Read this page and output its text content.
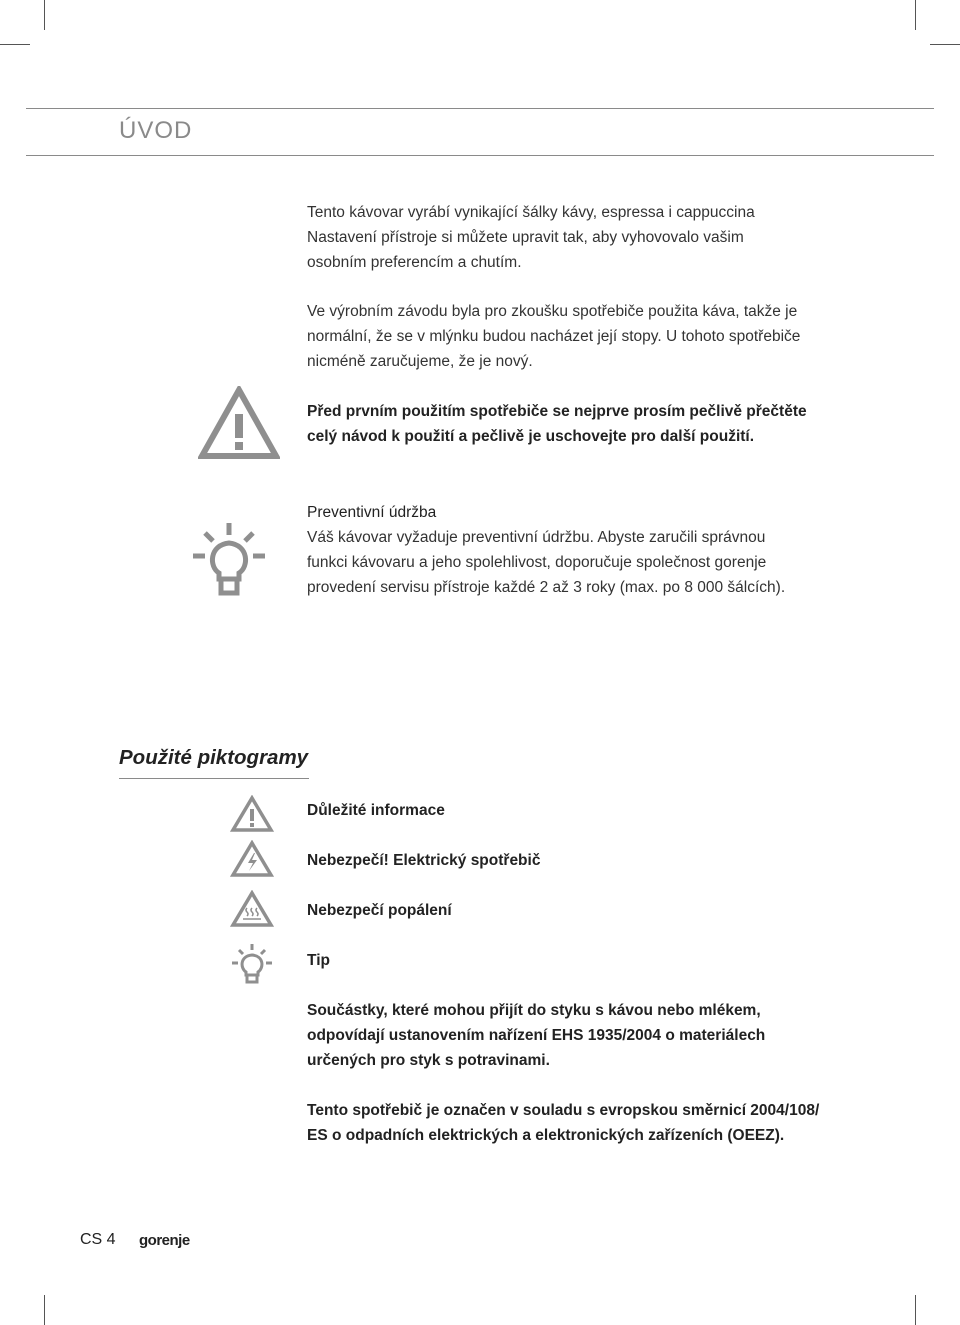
ÚVOD
Tento kávovar vyrábí vynikající šálky kávy, espressa i cappuccina
Nastavení přístroje si můžete upravit tak, aby vyhovovalo vašim
osobním preferencím a chutím.
Ve výrobním závodu byla pro zkoušku spotřebiče použita káva, takže je
normální, že se v mlýnku budou nacházet její stopy. U tohoto spotřebiče
nicméně zaručujeme, že je nový.
Před prvním použitím spotřebiče se nejprve prosím pečlivě přečtěte
celý návod k použití a pečlivě je uschovejte pro další použití.
Preventivní údržba
Váš kávovar vyžaduje preventivní údržbu. Abyste zaručili správnou
funkci kávovaru a jeho spolehlivost, doporučuje společnost gorenje
provedení servisu přístroje každé 2 až 3 roky (max. po 8 000 šálcích).
Použité piktogramy
Důležité informace
Nebezpečí! Elektrický spotřebič
Nebezpečí popálení
Tip
Součástky, které mohou přijít do styku s kávou nebo mlékem,
odpovídají ustanovením nařízení EHS 1935/2004 o materiálech
určených pro styk s potravinami.
Tento spotřebič je označen v souladu s evropskou směrnicí 2004/108/
ES o odpadních elektrických a elektronických zařízeních (OEEZ).
CS 4 gorenje
